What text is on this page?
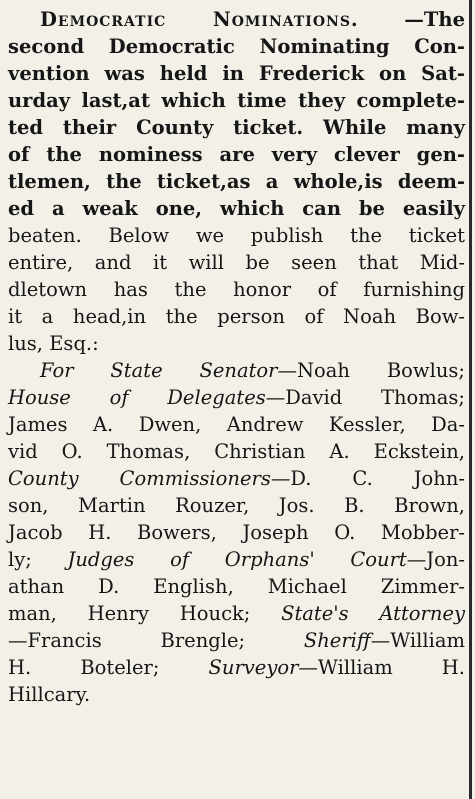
Democratic Nominations. —The
second Democratic Nominating Con-
vention was held in Frederick on Sat-
urday last,at which time they complete-
ted their County ticket. While many
of the nominess are very clever gen-
tlemen, the ticket,as a whole,is deem-
ed a weak one, which can be easily
beaten. Below we publish the ticket
entire, and it will be seen that Mid-
dletown has the honor of furnishing
it a head,in the person of Noah Bow-
lus, Esq.:
For State Senator—Noah Bowlus;
House of Delegates—David Thomas;
James A. Dwen, Andrew Kessler, Da-
vid O. Thomas, Christian A. Eckstein,
County Commissioners—D. C. John-
son, Martin Rouzer, Jos. B. Brown,
Jacob H. Bowers, Joseph O. Mobber-
ly; Judges of Orphans' Court—Jon-
athan D. English, Michael Zimmer-
man, Henry Houck; State's Attorney
—Francis Brengle; Sheriff—William
H. Boteler; Surveyor—William H.
Hillcary.
